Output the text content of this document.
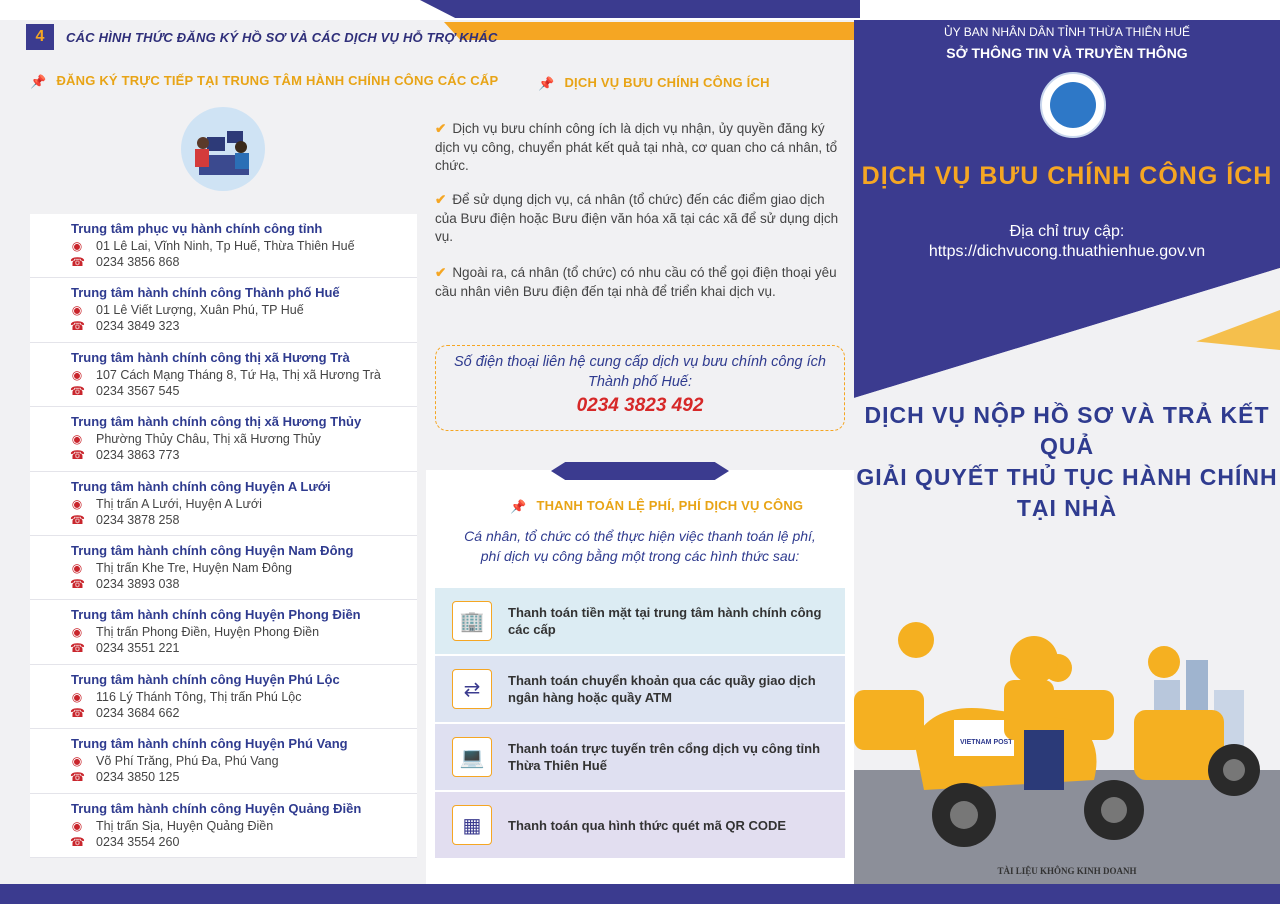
4	CÁC HÌNH THỨC ĐĂNG KÝ HỒ SƠ VÀ CÁC DỊCH VỤ HỖ TRỢ KHÁC
📌 ĐĂNG KÝ TRỰC TIẾP TẠI TRUNG TÂM HÀNH CHÍNH CÔNG CÁC CẤP
Trung tâm phục vụ hành chính công tỉnh
◉ 01 Lê Lai, Vĩnh Ninh, Tp Huế, Thừa Thiên Huế
☎ 0234 3856 868
Trung tâm hành chính công Thành phố Huế
◉ 01 Lê Viết Lượng, Xuân Phú, TP Huế
☎ 0234 3849 323
Trung tâm hành chính công thị xã Hương Trà
◉ 107 Cách Mạng Tháng 8, Tứ Hạ, Thị xã Hương Trà
☎ 0234 3567 545
Trung tâm hành chính công thị xã Hương Thủy
◉ Phường Thủy Châu, Thị xã Hương Thủy
☎ 0234 3863 773
Trung tâm hành chính công Huyện A Lưới
◉ Thị trấn A Lưới, Huyện A Lưới
☎ 0234 3878 258
Trung tâm hành chính công Huyện Nam Đông
◉ Thị trấn Khe Tre, Huyện Nam Đông
☎ 0234 3893 038
Trung tâm hành chính công Huyện Phong Điền
◉ Thị trấn Phong Điền, Huyện Phong Điền
☎ 0234 3551 221
Trung tâm hành chính công Huyện Phú Lộc
◉ 116 Lý Thánh Tông, Thị trấn Phú Lộc
☎ 0234 3684 662
Trung tâm hành chính công Huyện Phú Vang
◉ Võ Phí Trăng, Phú Đa, Phú Vang
☎ 0234 3850 125
Trung tâm hành chính công Huyện Quảng Điền
◉ Thị trấn Sịa, Huyện Quảng Điền
☎ 0234 3554 260
📌 DỊCH VỤ BƯU CHÍNH CÔNG ÍCH
✔ Dịch vụ bưu chính công ích là dịch vụ nhận, ủy quyền đăng ký dịch vụ công, chuyển phát kết quả tại nhà, cơ quan cho cá nhân, tổ chức.
✔ Để sử dụng dịch vụ, cá nhân (tổ chức) đến các điểm giao dịch của Bưu điện hoặc Bưu điện văn hóa xã tại các xã để sử dụng dịch vụ.
✔ Ngoài ra, cá nhân (tổ chức) có nhu cầu có thể gọi điện thoại yêu cầu nhân viên Bưu điện đến tại nhà để triển khai dịch vụ.
Số điện thoại liên hệ cung cấp dịch vụ bưu chính công ích
Thành phố Huế:
0234 3823 492
📌 THANH TOÁN LỆ PHÍ, PHÍ DỊCH VỤ CÔNG
Cá nhân, tổ chức có thể thực hiện việc thanh toán lệ phí,
phí dịch vụ công bằng một trong các hình thức sau:
🏢	Thanh toán tiền mặt tại trung tâm hành chính công các cấp
⇄	Thanh toán chuyển khoản qua các quầy giao dịch ngân hàng hoặc quầy ATM
💻	Thanh toán trực tuyến trên cổng dịch vụ công tỉnh Thừa Thiên Huế
▦	Thanh toán qua hình thức quét mã QR CODE
ỦY BAN NHÂN DÂN TỈNH THỪA THIÊN HUẾ
SỞ THÔNG TIN VÀ TRUYỀN THÔNG
DỊCH VỤ BƯU CHÍNH CÔNG ÍCH
Địa chỉ truy cập:
https://dichvucong.thuathienhue.gov.vn
DỊCH VỤ NỘP HỒ SƠ VÀ TRẢ KẾT QUẢ
GIẢI QUYẾT THỦ TỤC HÀNH CHÍNH
TẠI NHÀ
VIETNAM POST
TÀI LIỆU KHÔNG KINH DOANH
